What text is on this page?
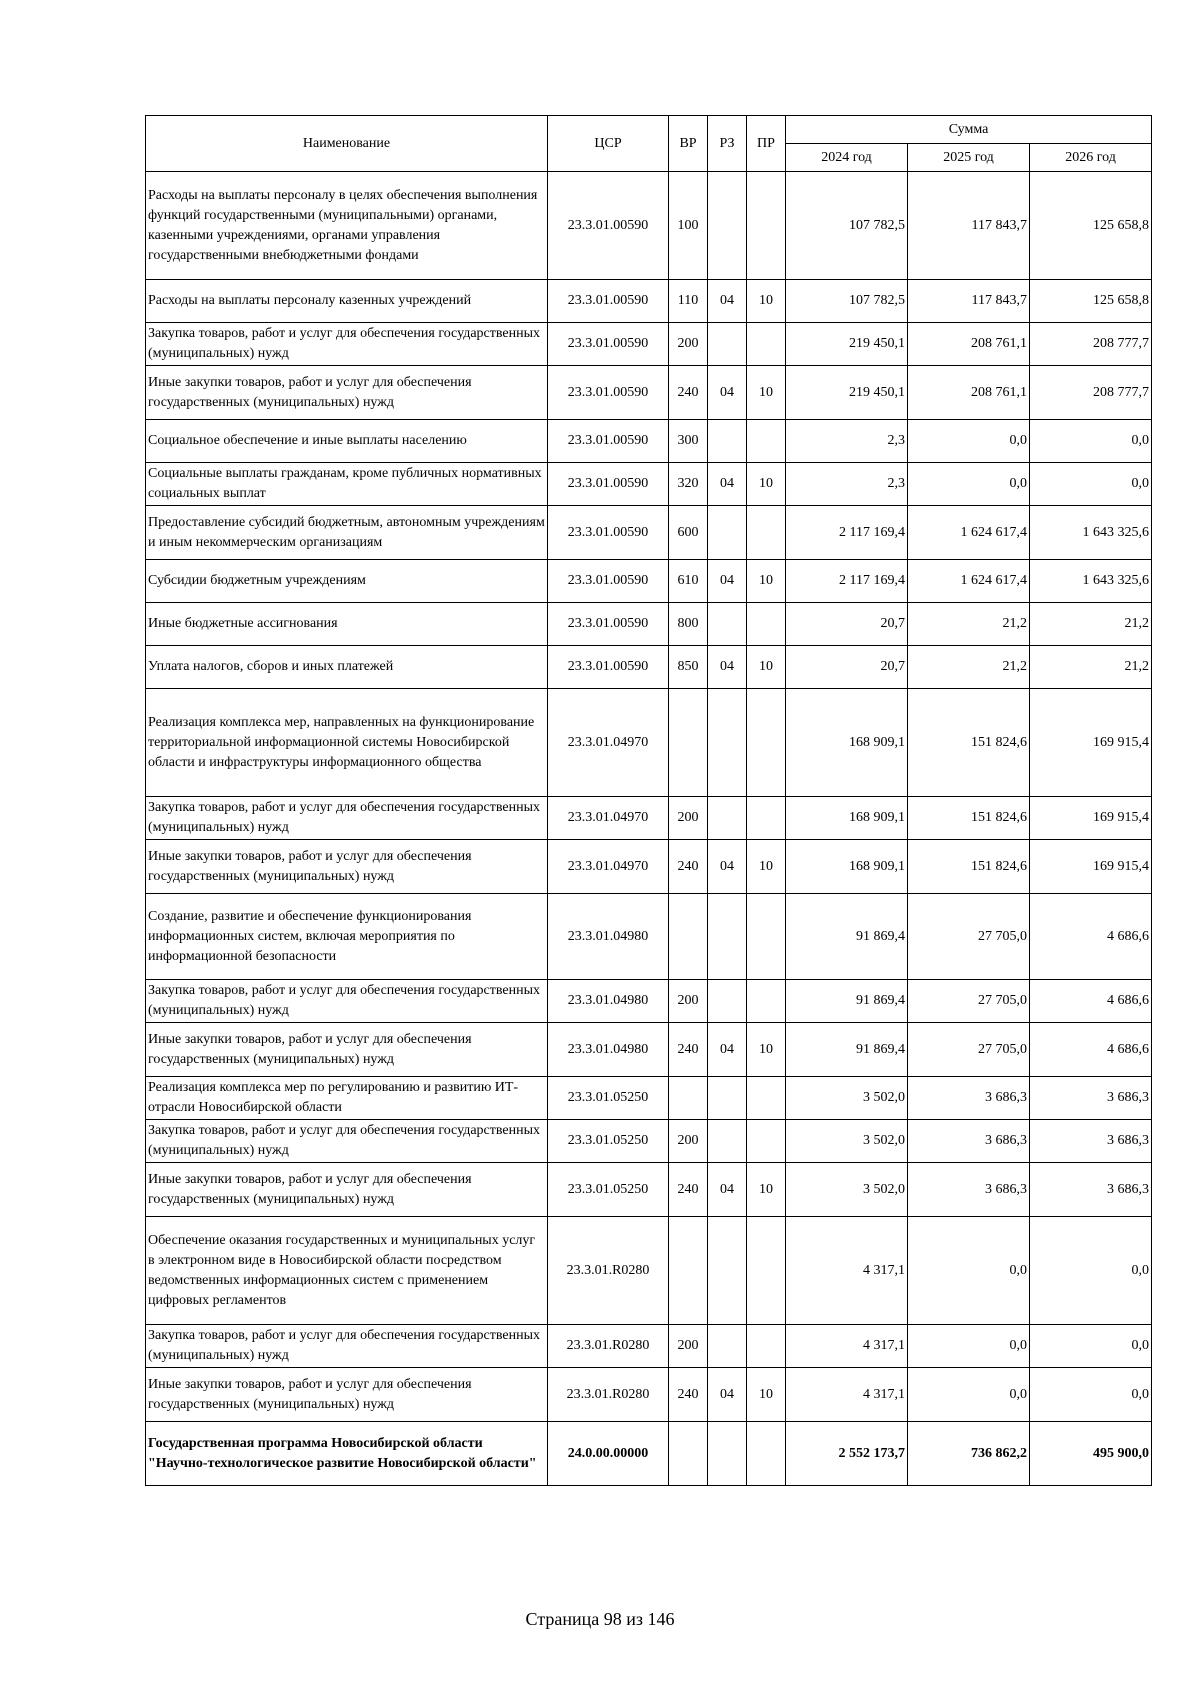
Наименование	ЦСР	ВР	РЗ	ПР	Сумма		
					2024 год	2025 год	2026 год
Расходы на выплаты персоналу в целях обеспечения выполнения функций государственными (муниципальными) органами, казенными учреждениями, органами управления государственными внебюджетными фондами	23.3.01.00590	100			107 782,5	117 843,7	125 658,8
Расходы на выплаты персоналу казенных учреждений	23.3.01.00590	110	04	10	107 782,5	117 843,7	125 658,8
Закупка товаров, работ и услуг для обеспечения государственных (муниципальных) нужд	23.3.01.00590	200			219 450,1	208 761,1	208 777,7
Иные закупки товаров, работ и услуг для обеспечения государственных (муниципальных) нужд	23.3.01.00590	240	04	10	219 450,1	208 761,1	208 777,7
Социальное обеспечение и иные выплаты населению	23.3.01.00590	300			2,3	0,0	0,0
Социальные выплаты гражданам, кроме публичных нормативных социальных выплат	23.3.01.00590	320	04	10	2,3	0,0	0,0
Предоставление субсидий бюджетным, автономным учреждениям и иным некоммерческим организациям	23.3.01.00590	600			2 117 169,4	1 624 617,4	1 643 325,6
Субсидии бюджетным учреждениям	23.3.01.00590	610	04	10	2 117 169,4	1 624 617,4	1 643 325,6
Иные бюджетные ассигнования	23.3.01.00590	800			20,7	21,2	21,2
Уплата налогов, сборов и иных платежей	23.3.01.00590	850	04	10	20,7	21,2	21,2
Реализация комплекса мер, направленных на функционирование территориальной информационной системы Новосибирской области и инфраструктуры информационного общества	23.3.01.04970				168 909,1	151 824,6	169 915,4
Закупка товаров, работ и услуг для обеспечения государственных (муниципальных) нужд	23.3.01.04970	200			168 909,1	151 824,6	169 915,4
Иные закупки товаров, работ и услуг для обеспечения государственных (муниципальных) нужд	23.3.01.04970	240	04	10	168 909,1	151 824,6	169 915,4
Создание, развитие и обеспечение функционирования информационных систем, включая мероприятия по информационной безопасности	23.3.01.04980				91 869,4	27 705,0	4 686,6
Закупка товаров, работ и услуг для обеспечения государственных (муниципальных) нужд	23.3.01.04980	200			91 869,4	27 705,0	4 686,6
Иные закупки товаров, работ и услуг для обеспечения государственных (муниципальных) нужд	23.3.01.04980	240	04	10	91 869,4	27 705,0	4 686,6
Реализация комплекса мер по регулированию и развитию ИТ-отрасли Новосибирской области	23.3.01.05250				3 502,0	3 686,3	3 686,3
Закупка товаров, работ и услуг для обеспечения государственных (муниципальных) нужд	23.3.01.05250	200			3 502,0	3 686,3	3 686,3
Иные закупки товаров, работ и услуг для обеспечения государственных (муниципальных) нужд	23.3.01.05250	240	04	10	3 502,0	3 686,3	3 686,3
Обеспечение оказания государственных и муниципальных услуг в электронном виде в Новосибирской области посредством ведомственных информационных систем с применением цифровых регламентов	23.3.01.R0280				4 317,1	0,0	0,0
Закупка товаров, работ и услуг для обеспечения государственных (муниципальных) нужд	23.3.01.R0280	200			4 317,1	0,0	0,0
Иные закупки товаров, работ и услуг для обеспечения государственных (муниципальных) нужд	23.3.01.R0280	240	04	10	4 317,1	0,0	0,0
Государственная программа Новосибирской области "Научно-технологическое развитие Новосибирской области"	24.0.00.00000				2 552 173,7	736 862,2	495 900,0
Страница 98 из 146
